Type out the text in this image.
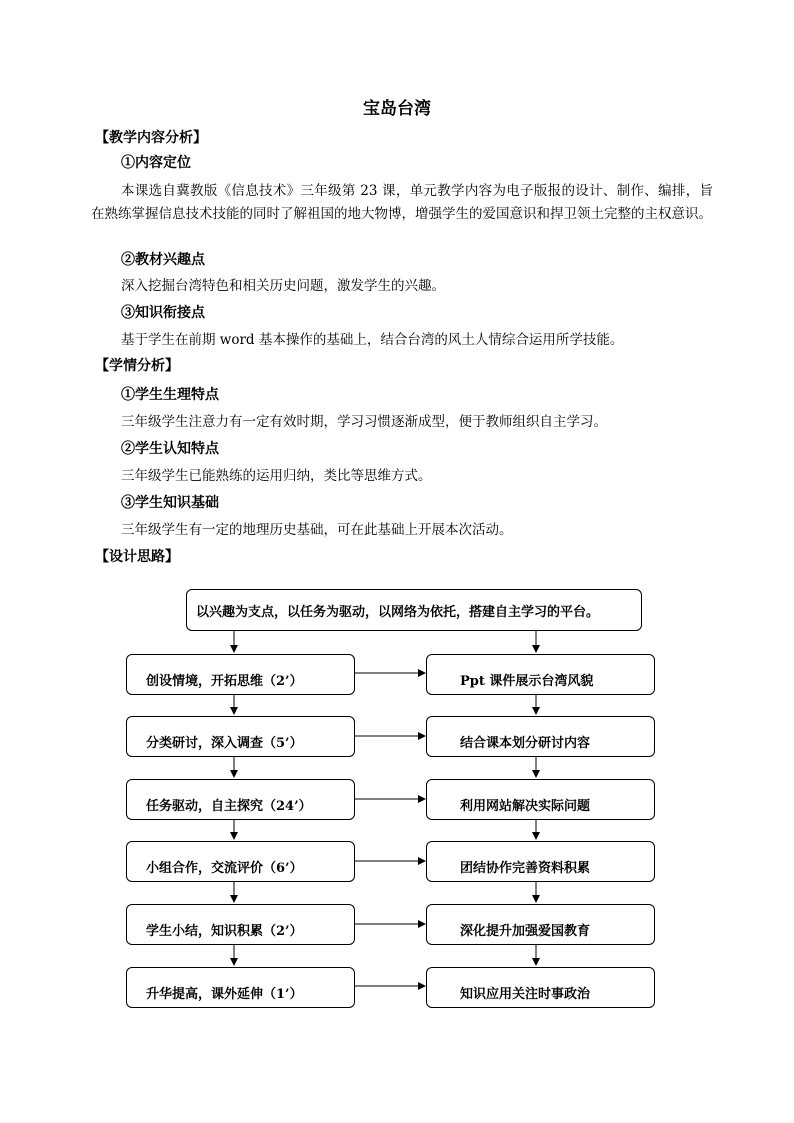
宝岛台湾
【教学内容分析】
①内容定位
本课选自冀教版《信息技术》三年级第 23 课，单元教学内容为电子版报的设计、制作、编排，旨在熟练掌握信息技术技能的同时了解祖国的地大物博，增强学生的爱国意识和捍卫领土完整的主权意识。
②教材兴趣点
深入挖掘台湾特色和相关历史问题，激发学生的兴趣。
③知识衔接点
基于学生在前期 word 基本操作的基础上，结合台湾的风土人情综合运用所学技能。
【学情分析】
①学生生理特点
三年级学生注意力有一定有效时期，学习习惯逐渐成型，便于教师组织自主学习。
②学生认知特点
三年级学生已能熟练的运用归纳，类比等思维方式。
③学生知识基础
三年级学生有一定的地理历史基础，可在此基础上开展本次活动。
【设计思路】
以兴趣为支点，以任务为驱动，以网络为依托，搭建自主学习的平台。
创设情境，开拓思维（2’）
分类研讨，深入调查（5’）
任务驱动，自主探究（24’）
小组合作，交流评价（6’）
学生小结，知识积累（2’）
升华提高，课外延伸（1’）
Ppt 课件展示台湾风貌
结合课本划分研讨内容
利用网站解决实际问题
团结协作完善资料积累
深化提升加强爱国教育
知识应用关注时事政治
